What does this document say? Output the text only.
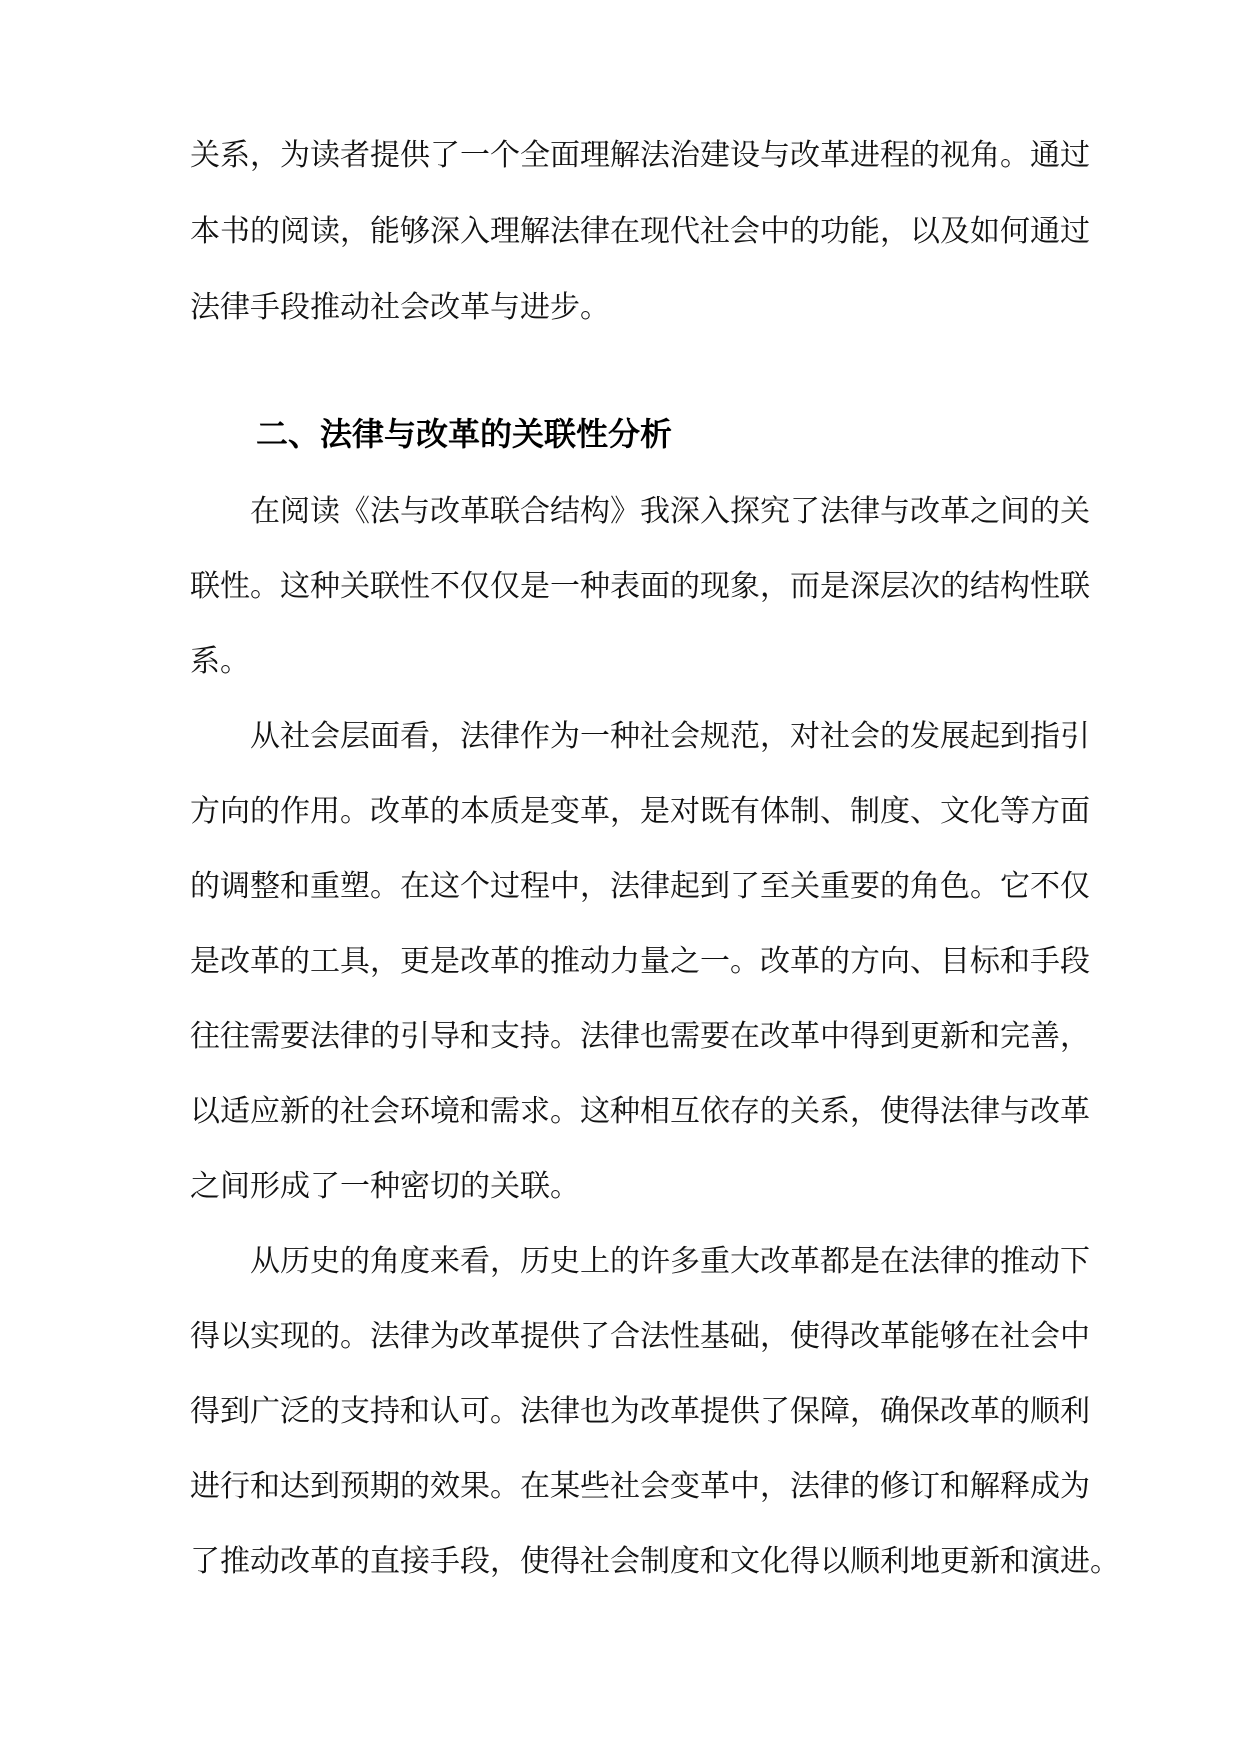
关系，为读者提供了一个全面理解法治建设与改革进程的视角。通过
本书的阅读，能够深入理解法律在现代社会中的功能，以及如何通过
法律手段推动社会改革与进步。
二、法律与改革的关联性分析
在阅读《法与改革联合结构》我深入探究了法律与改革之间的关
联性。这种关联性不仅仅是一种表面的现象，而是深层次的结构性联
系。
从社会层面看，法律作为一种社会规范，对社会的发展起到指引
方向的作用。改革的本质是变革，是对既有体制、制度、文化等方面
的调整和重塑。在这个过程中，法律起到了至关重要的角色。它不仅
是改革的工具，更是改革的推动力量之一。改革的方向、目标和手段
往往需要法律的引导和支持。法律也需要在改革中得到更新和完善，
以适应新的社会环境和需求。这种相互依存的关系，使得法律与改革
之间形成了一种密切的关联。
从历史的角度来看，历史上的许多重大改革都是在法律的推动下
得以实现的。法律为改革提供了合法性基础，使得改革能够在社会中
得到广泛的支持和认可。法律也为改革提供了保障，确保改革的顺利
进行和达到预期的效果。在某些社会变革中，法律的修订和解释成为
了推动改革的直接手段，使得社会制度和文化得以顺利地更新和演进。
